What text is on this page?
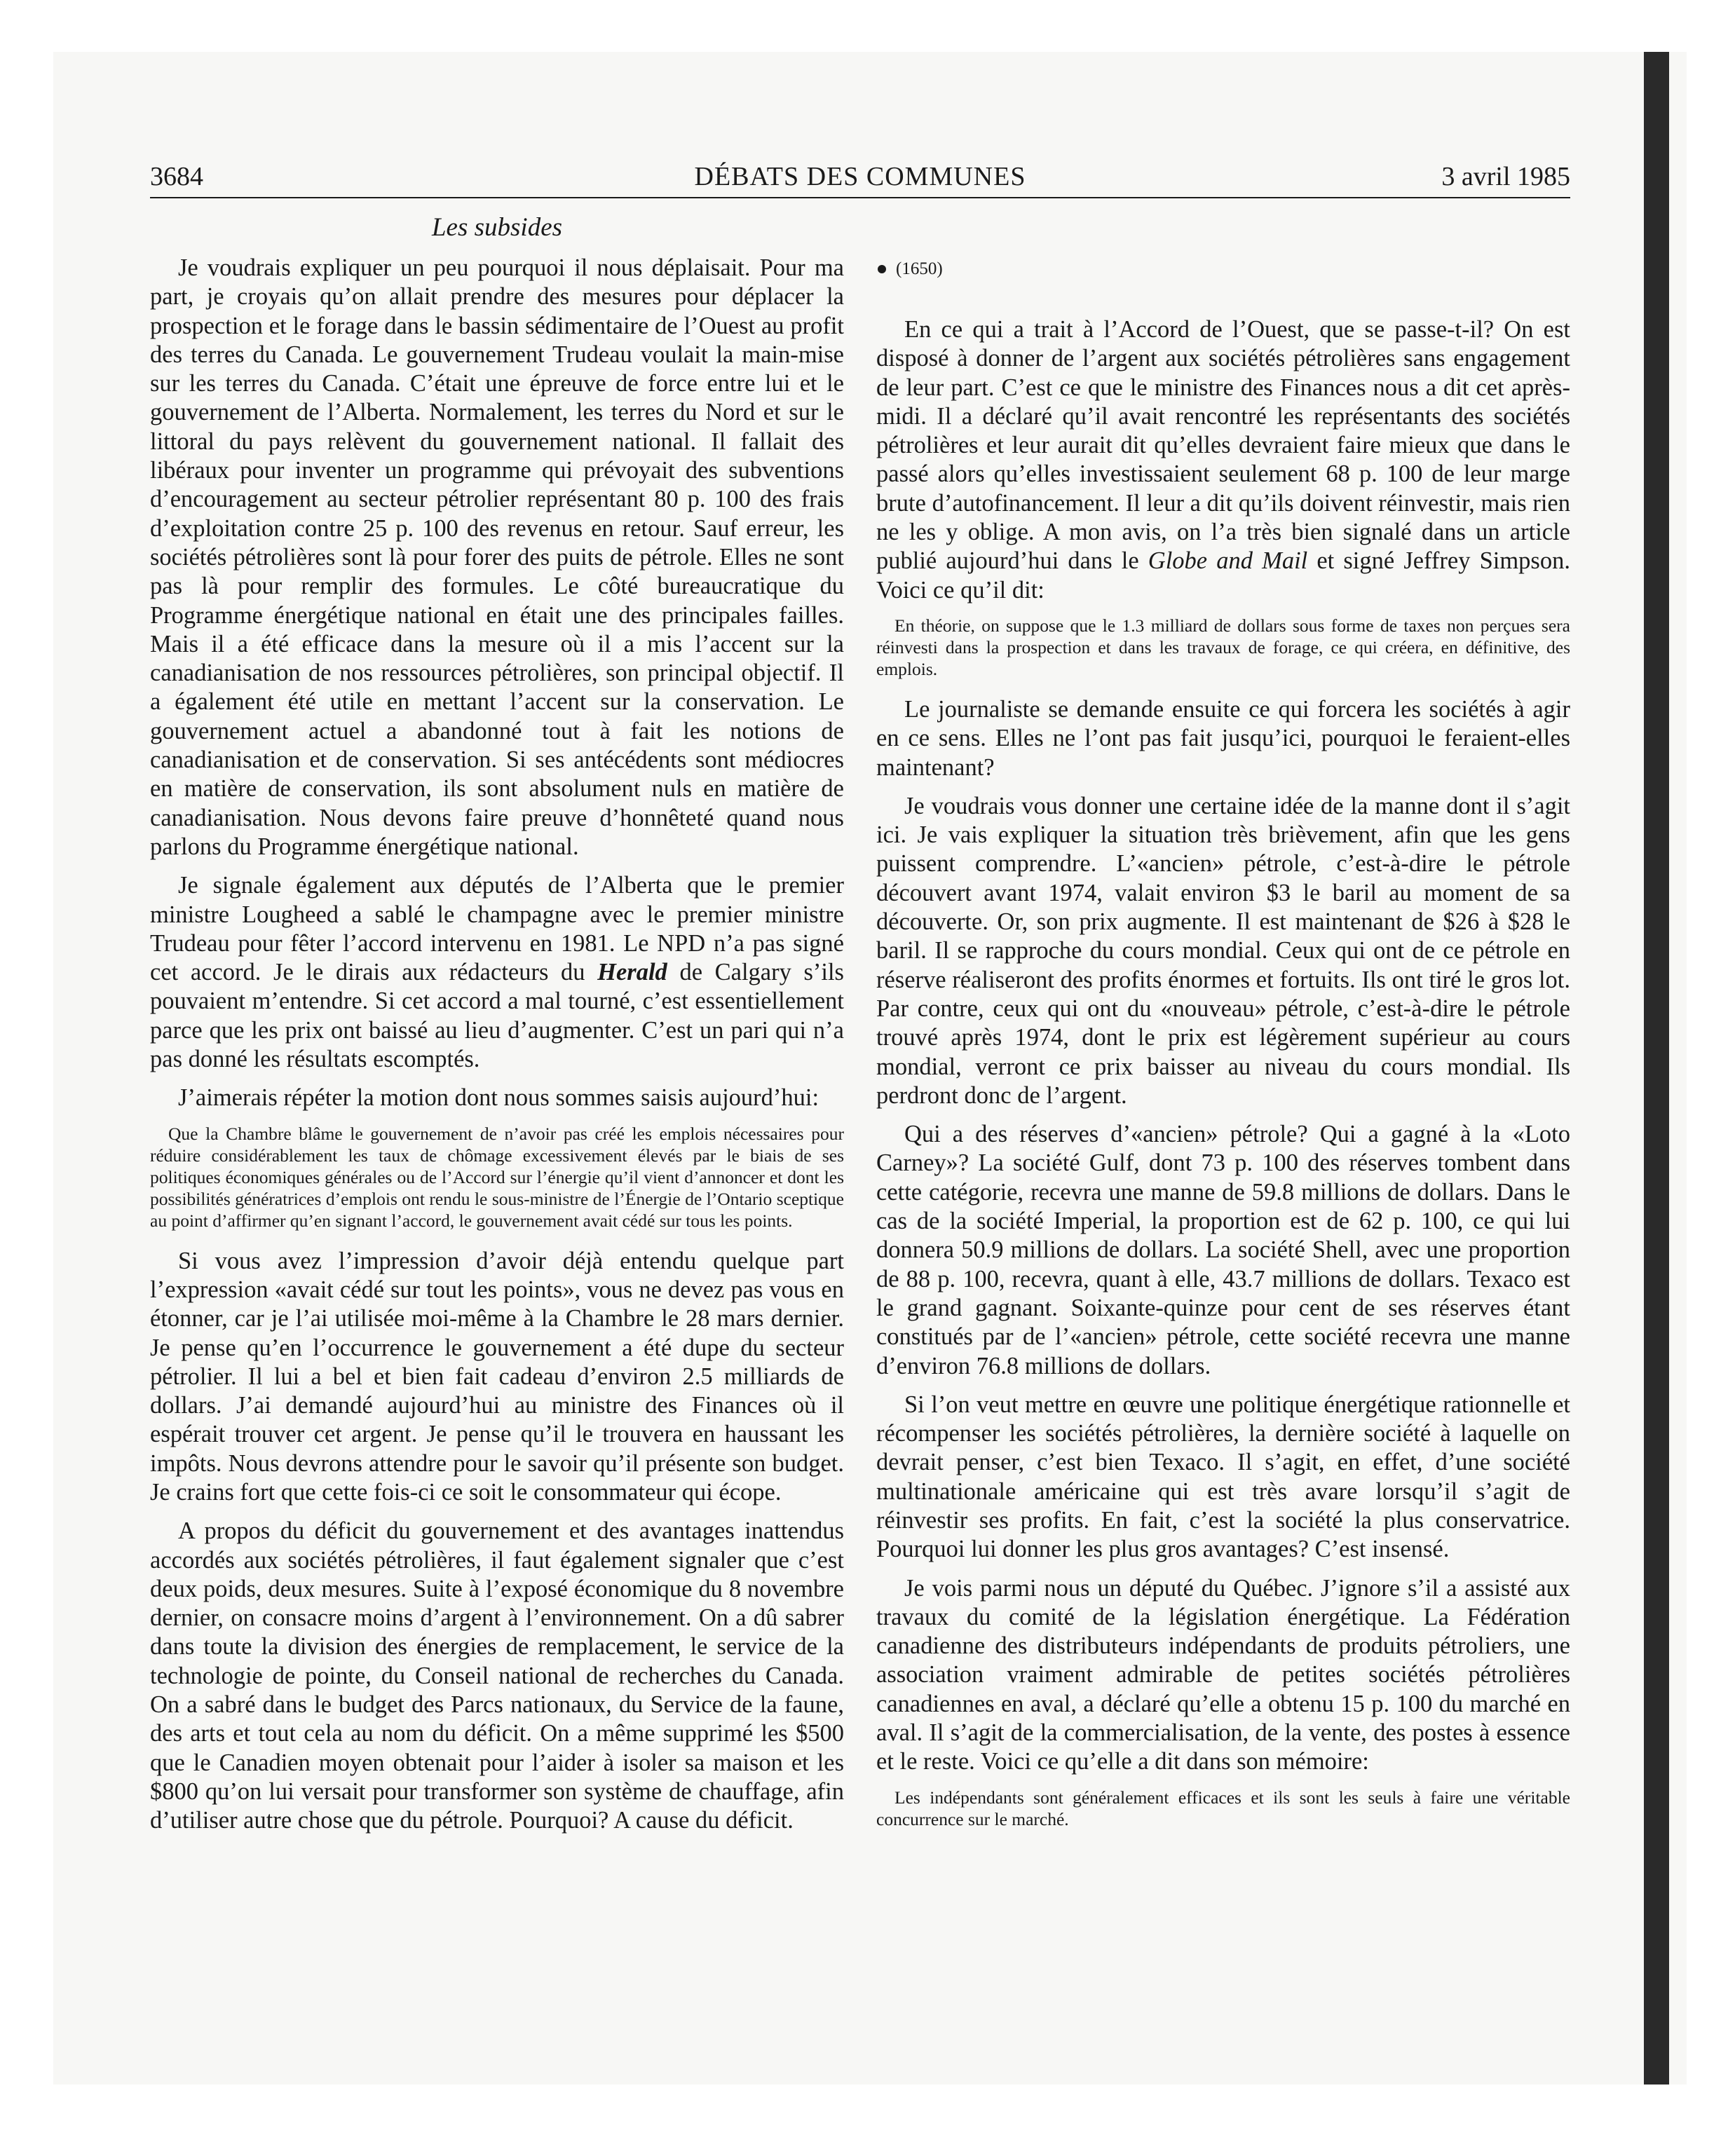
3684	DÉBATS DES COMMUNES	3 avril 1985
Les subsides

Je voudrais expliquer un peu pourquoi il nous déplaisait. Pour ma part, je croyais qu’on allait prendre des mesures pour déplacer la prospection et le forage dans le bassin sédimentaire de l’Ouest au profit des terres du Canada. Le gouvernement Trudeau voulait la main-mise sur les terres du Canada. C’était une épreuve de force entre lui et le gouvernement de l’Alberta. Normalement, les terres du Nord et sur le littoral du pays relèvent du gouvernement national. Il fallait des libéraux pour inventer un programme qui prévoyait des subventions d’encouragement au secteur pétrolier représentant 80 p. 100 des frais d’exploitation contre 25 p. 100 des revenus en retour. Sauf erreur, les sociétés pétrolières sont là pour forer des puits de pétrole. Elles ne sont pas là pour remplir des formules. Le côté bureaucratique du Programme énergétique national en était une des principales failles. Mais il a été efficace dans la mesure où il a mis l’accent sur la canadianisation de nos ressources pétrolières, son principal objectif. Il a également été utile en mettant l’accent sur la conservation. Le gouvernement actuel a abandonné tout à fait les notions de canadianisation et de conservation. Si ses antécédents sont médiocres en matière de conservation, ils sont absolument nuls en matière de canadianisation. Nous devons faire preuve d’honnêteté quand nous parlons du Programme énergétique national.

Je signale également aux députés de l’Alberta que le premier ministre Lougheed a sablé le champagne avec le premier ministre Trudeau pour fêter l’accord intervenu en 1981. Le NPD n’a pas signé cet accord. Je le dirais aux rédacteurs du Herald de Calgary s’ils pouvaient m’entendre. Si cet accord a mal tourné, c’est essentiellement parce que les prix ont baissé au lieu d’augmenter. C’est un pari qui n’a pas donné les résultats escomptés.

J’aimerais répéter la motion dont nous sommes saisis aujourd’hui:

Que la Chambre blâme le gouvernement de n’avoir pas créé les emplois nécessaires pour réduire considérablement les taux de chômage excessivement élevés par le biais de ses politiques économiques générales ou de l’Accord sur l’énergie qu’il vient d’annoncer et dont les possibilités génératrices d’emplois ont rendu le sous-ministre de l’Énergie de l’Ontario sceptique au point d’affirmer qu’en signant l’accord, le gouvernement avait cédé sur tous les points.

Si vous avez l’impression d’avoir déjà entendu quelque part l’expression «avait cédé sur tout les points», vous ne devez pas vous en étonner, car je l’ai utilisée moi-même à la Chambre le 28 mars dernier. Je pense qu’en l’occurrence le gouvernement a été dupe du secteur pétrolier. Il lui a bel et bien fait cadeau d’environ 2.5 milliards de dollars. J’ai demandé aujourd’hui au ministre des Finances où il espérait trouver cet argent. Je pense qu’il le trouvera en haussant les impôts. Nous devrons attendre pour le savoir qu’il présente son budget. Je crains fort que cette fois-ci ce soit le consommateur qui écope.

A propos du déficit du gouvernement et des avantages inattendus accordés aux sociétés pétrolières, il faut également signaler que c’est deux poids, deux mesures. Suite à l’exposé économique du 8 novembre dernier, on consacre moins d’argent à l’environnement. On a dû sabrer dans toute la division des énergies de remplacement, le service de la technologie de pointe, du Conseil national de recherches du Canada. On a sabré dans le budget des Parcs nationaux, du Service de la faune, des arts et tout cela au nom du déficit. On a même supprimé les $500 que le Canadien moyen obtenait pour l’aider à isoler sa maison et les $800 qu’on lui versait pour transformer son système de chauffage, afin d’utiliser autre chose que du pétrole. Pourquoi? A cause du déficit.

(1650)

En ce qui a trait à l’Accord de l’Ouest, que se passe-t-il? On est disposé à donner de l’argent aux sociétés pétrolières sans engagement de leur part. C’est ce que le ministre des Finances nous a dit cet après-midi. Il a déclaré qu’il avait rencontré les représentants des sociétés pétrolières et leur aurait dit qu’elles devraient faire mieux que dans le passé alors qu’elles investissaient seulement 68 p. 100 de leur marge brute d’autofinancement. Il leur a dit qu’ils doivent réinvestir, mais rien ne les y oblige. A mon avis, on l’a très bien signalé dans un article publié aujourd’hui dans le Globe and Mail et signé Jeffrey Simpson. Voici ce qu’il dit:

En théorie, on suppose que le 1.3 milliard de dollars sous forme de taxes non perçues sera réinvesti dans la prospection et dans les travaux de forage, ce qui créera, en définitive, des emplois.

Le journaliste se demande ensuite ce qui forcera les sociétés à agir en ce sens. Elles ne l’ont pas fait jusqu’ici, pourquoi le feraient-elles maintenant?

Je voudrais vous donner une certaine idée de la manne dont il s’agit ici. Je vais expliquer la situation très brièvement, afin que les gens puissent comprendre. L’«ancien» pétrole, c’est-à-dire le pétrole découvert avant 1974, valait environ $3 le baril au moment de sa découverte. Or, son prix augmente. Il est maintenant de $26 à $28 le baril. Il se rapproche du cours mondial. Ceux qui ont de ce pétrole en réserve réaliseront des profits énormes et fortuits. Ils ont tiré le gros lot. Par contre, ceux qui ont du «nouveau» pétrole, c’est-à-dire le pétrole trouvé après 1974, dont le prix est légèrement supérieur au cours mondial, verront ce prix baisser au niveau du cours mondial. Ils perdront donc de l’argent.

Qui a des réserves d’«ancien» pétrole? Qui a gagné à la «Loto Carney»? La société Gulf, dont 73 p. 100 des réserves tombent dans cette catégorie, recevra une manne de 59.8 millions de dollars. Dans le cas de la société Imperial, la proportion est de 62 p. 100, ce qui lui donnera 50.9 millions de dollars. La société Shell, avec une proportion de 88 p. 100, recevra, quant à elle, 43.7 millions de dollars. Texaco est le grand gagnant. Soixante-quinze pour cent de ses réserves étant constitués par de l’«ancien» pétrole, cette société recevra une manne d’environ 76.8 millions de dollars.

Si l’on veut mettre en œuvre une politique énergétique rationnelle et récompenser les sociétés pétrolières, la dernière société à laquelle on devrait penser, c’est bien Texaco. Il s’agit, en effet, d’une société multinationale américaine qui est très avare lorsqu’il s’agit de réinvestir ses profits. En fait, c’est la société la plus conservatrice. Pourquoi lui donner les plus gros avantages? C’est insensé.

Je vois parmi nous un député du Québec. J’ignore s’il a assisté aux travaux du comité de la législation énergétique. La Fédération canadienne des distributeurs indépendants de produits pétroliers, une association vraiment admirable de petites sociétés pétrolières canadiennes en aval, a déclaré qu’elle a obtenu 15 p. 100 du marché en aval. Il s’agit de la commercialisation, de la vente, des postes à essence et le reste. Voici ce qu’elle a dit dans son mémoire:

Les indépendants sont généralement efficaces et ils sont les seuls à faire une véritable concurrence sur le marché.
